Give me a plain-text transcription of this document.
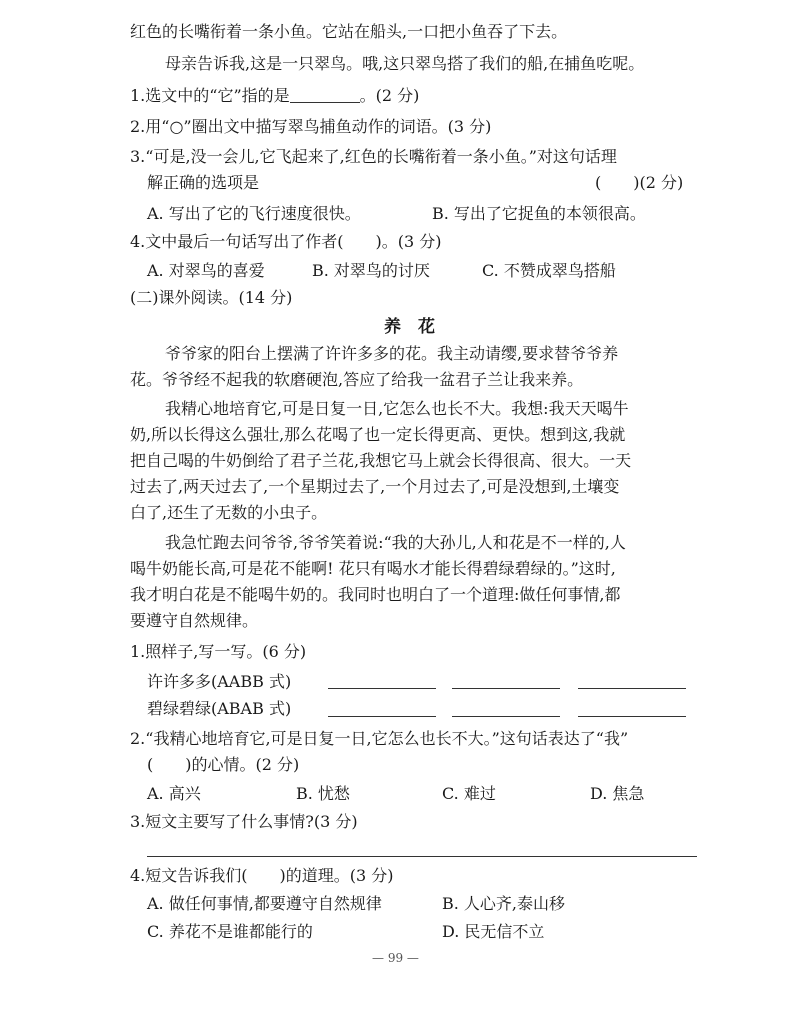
红色的长嘴衔着一条小鱼。它站在船头,一口把小鱼吞了下去。
母亲告诉我,这是一只翠鸟。哦,这只翠鸟搭了我们的船,在捕鱼吃呢。
1.选文中的“它”指的是	。(2 分)
2.用“○”圈出文中描写翠鸟捕鱼动作的词语。(3 分)
3.“可是,没一会儿,它飞起来了,红色的长嘴衔着一条小鱼。”对这句话理
解正确的选项是	(　　)(2 分)
A. 写出了它的飞行速度很快。	B. 写出了它捉鱼的本领很高。
4.文中最后一句话写出了作者(　　)。(3 分)
A. 对翠鸟的喜爱	B. 对翠鸟的讨厌	C. 不赞成翠鸟搭船
(二)课外阅读。(14 分)
养　花
爷爷家的阳台上摆满了许许多多的花。我主动请缨,要求替爷爷养
花。爷爷经不起我的软磨硬泡,答应了给我一盆君子兰让我来养。
我精心地培育它,可是日复一日,它怎么也长不大。我想:我天天喝牛
奶,所以长得这么强壮,那么花喝了也一定长得更高、更快。想到这,我就
把自己喝的牛奶倒给了君子兰花,我想它马上就会长得很高、很大。一天
过去了,两天过去了,一个星期过去了,一个月过去了,可是没想到,土壤变
白了,还生了无数的小虫子。
我急忙跑去问爷爷,爷爷笑着说:“我的大孙儿,人和花是不一样的,人
喝牛奶能长高,可是花不能啊! 花只有喝水才能长得碧绿碧绿的。”这时,
我才明白花是不能喝牛奶的。我同时也明白了一个道理:做任何事情,都
要遵守自然规律。
1.照样子,写一写。(6 分)
许许多多(AABB 式)
碧绿碧绿(ABAB 式)
2.“我精心地培育它,可是日复一日,它怎么也长不大。”这句话表达了“我”
(　　)的心情。(2 分)
A. 高兴	B. 忧愁	C. 难过	D. 焦急
3.短文主要写了什么事情?(3 分)
4.短文告诉我们(　　)的道理。(3 分)
A. 做任何事情,都要遵守自然规律	B. 人心齐,泰山移
C. 养花不是谁都能行的	D. 民无信不立
— 99 —
